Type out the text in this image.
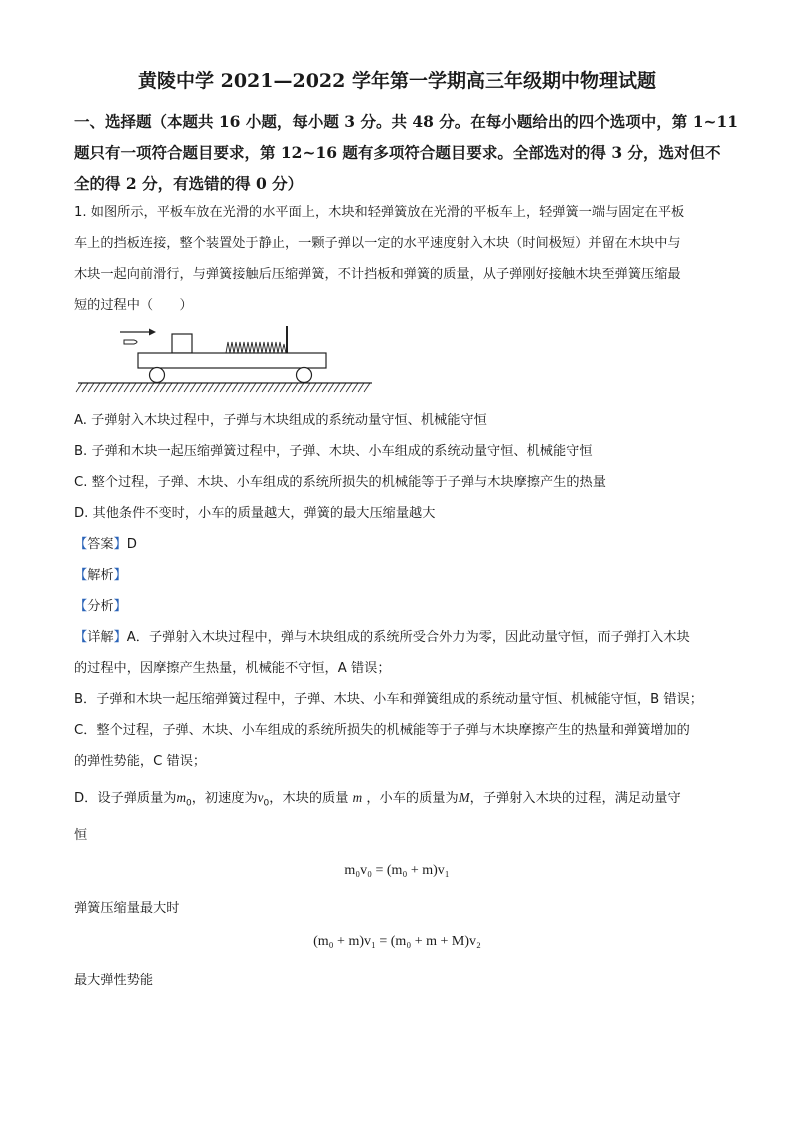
黄陵中学 2021—2022 学年第一学期高三年级期中物理试题
一、选择题（本题共 16 小题，每小题 3 分。共 48 分。在每小题给出的四个选项中，第 1~11
题只有一项符合题目要求，第 12~16 题有多项符合题目要求。全部选对的得 3 分，选对但不
全的得 2 分，有选错的得 0 分）
1. 如图所示，平板车放在光滑的水平面上，木块和轻弹簧放在光滑的平板车上，轻弹簧一端与固定在平板
车上的挡板连接，整个装置处于静止，一颗子弹以一定的水平速度射入木块（时间极短）并留在木块中与
木块一起向前滑行，与弹簧接触后压缩弹簧，不计挡板和弹簧的质量，从子弹刚好接触木块至弹簧压缩最
短的过程中（　　）
A. 子弹射入木块过程中，子弹与木块组成的系统动量守恒、机械能守恒
B. 子弹和木块一起压缩弹簧过程中，子弹、木块、小车组成的系统动量守恒、机械能守恒
C. 整个过程，子弹、木块、小车组成的系统所损失的机械能等于子弹与木块摩擦产生的热量
D. 其他条件不变时，小车的质量越大，弹簧的最大压缩量越大
【答案】D
【解析】
【分析】
【详解】A．子弹射入木块过程中，弹与木块组成的系统所受合外力为零，因此动量守恒，而子弹打入木块
的过程中，因摩擦产生热量，机械能不守恒，A 错误；
B．子弹和木块一起压缩弹簧过程中，子弹、木块、小车和弹簧组成的系统动量守恒、机械能守恒，B 错误；
C．整个过程，子弹、木块、小车组成的系统所损失的机械能等于子弹与木块摩擦产生的热量和弹簧增加的
的弹性势能，C 错误；
D．设子弹质量为$m_0$，初速度为$v_0$，木块的质量 m ，小车的质量为M，子弹射入木块的过程，满足动量守
恒
m₀v₀ = (m₀ + m)v₁
弹簧压缩量最大时
(m₀ + m)v₁ = (m₀ + m + M)v₂
最大弹性势能
